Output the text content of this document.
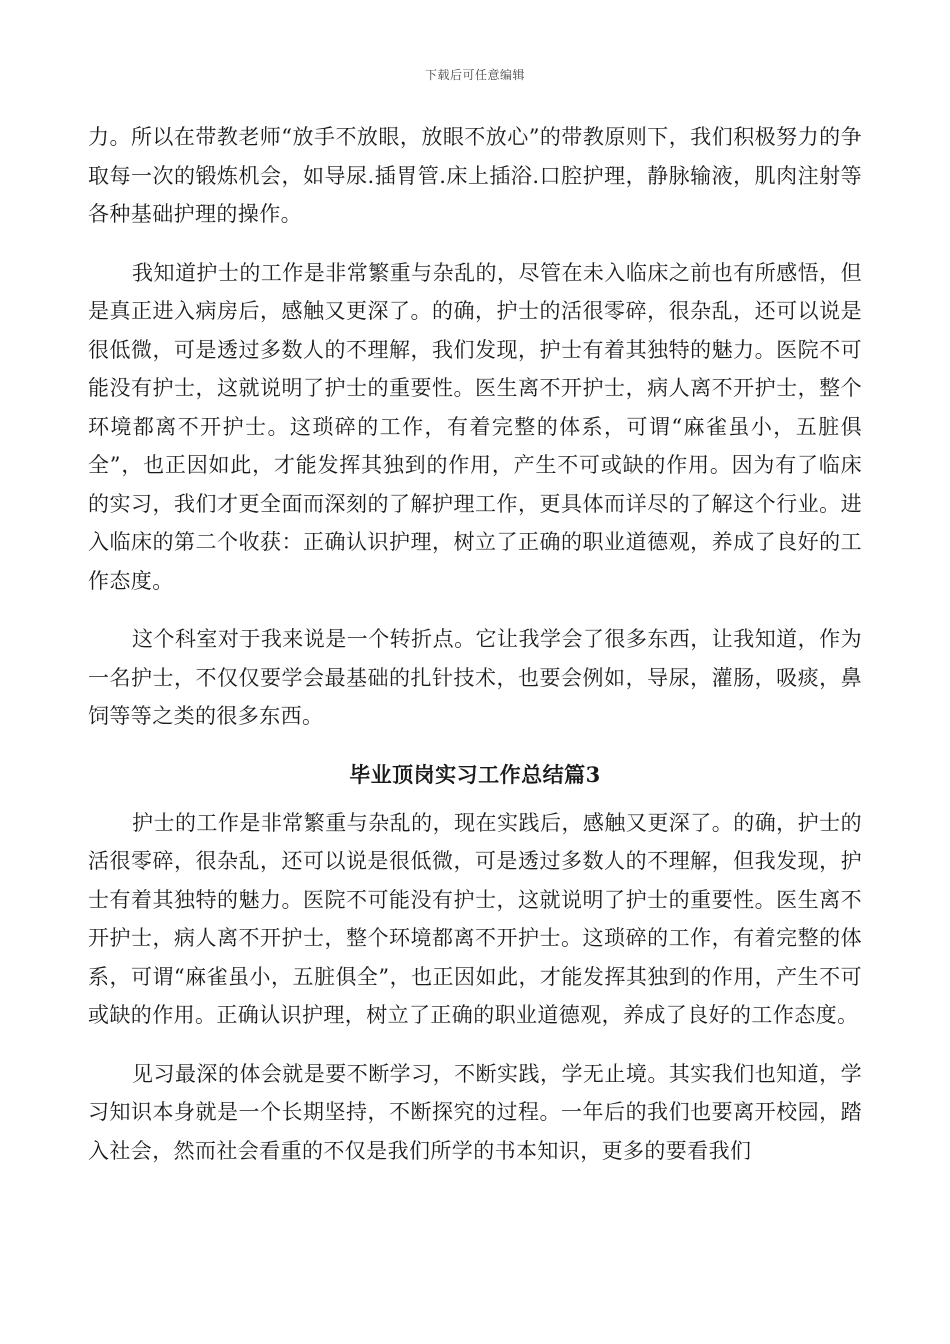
下载后可任意编辑

力。所以在带教老师“放手不放眼，放眼不放心”的带教原则下，我们积极努力的争取每一次的锻炼机会，如导尿.插胃管.床上插浴.口腔护理，静脉输液，肌肉注射等各种基础护理的操作。

我知道护士的工作是非常繁重与杂乱的，尽管在未入临床之前也有所感悟，但是真正进入病房后，感触又更深了。的确，护士的活很零碎，很杂乱，还可以说是很低微，可是透过多数人的不理解，我们发现，护士有着其独特的魅力。医院不可能没有护士，这就说明了护士的重要性。医生离不开护士，病人离不开护士，整个环境都离不开护士。这琐碎的工作，有着完整的体系，可谓“麻雀虽小，五脏俱全”，也正因如此，才能发挥其独到的作用，产生不可或缺的作用。因为有了临床的实习，我们才更全面而深刻的了解护理工作，更具体而详尽的了解这个行业。进入临床的第二个收获：正确认识护理，树立了正确的职业道德观，养成了良好的工作态度。

这个科室对于我来说是一个转折点。它让我学会了很多东西，让我知道，作为一名护士，不仅仅要学会最基础的扎针技术，也要会例如，导尿，灌肠，吸痰，鼻饲等等之类的很多东西。

毕业顶岗实习工作总结篇3

护士的工作是非常繁重与杂乱的，现在实践后，感触又更深了。的确，护士的活很零碎，很杂乱，还可以说是很低微，可是透过多数人的不理解，但我发现，护士有着其独特的魅力。医院不可能没有护士，这就说明了护士的重要性。医生离不开护士，病人离不开护士，整个环境都离不开护士。这琐碎的工作，有着完整的体系，可谓“麻雀虽小，五脏俱全”，也正因如此，才能发挥其独到的作用，产生不可或缺的作用。正确认识护理，树立了正确的职业道德观，养成了良好的工作态度。

见习最深的体会就是要不断学习，不断实践，学无止境。其实我们也知道，学习知识本身就是一个长期坚持，不断探究的过程。一年后的我们也要离开校园，踏入社会，然而社会看重的不仅是我们所学的书本知识，更多的要看我们
